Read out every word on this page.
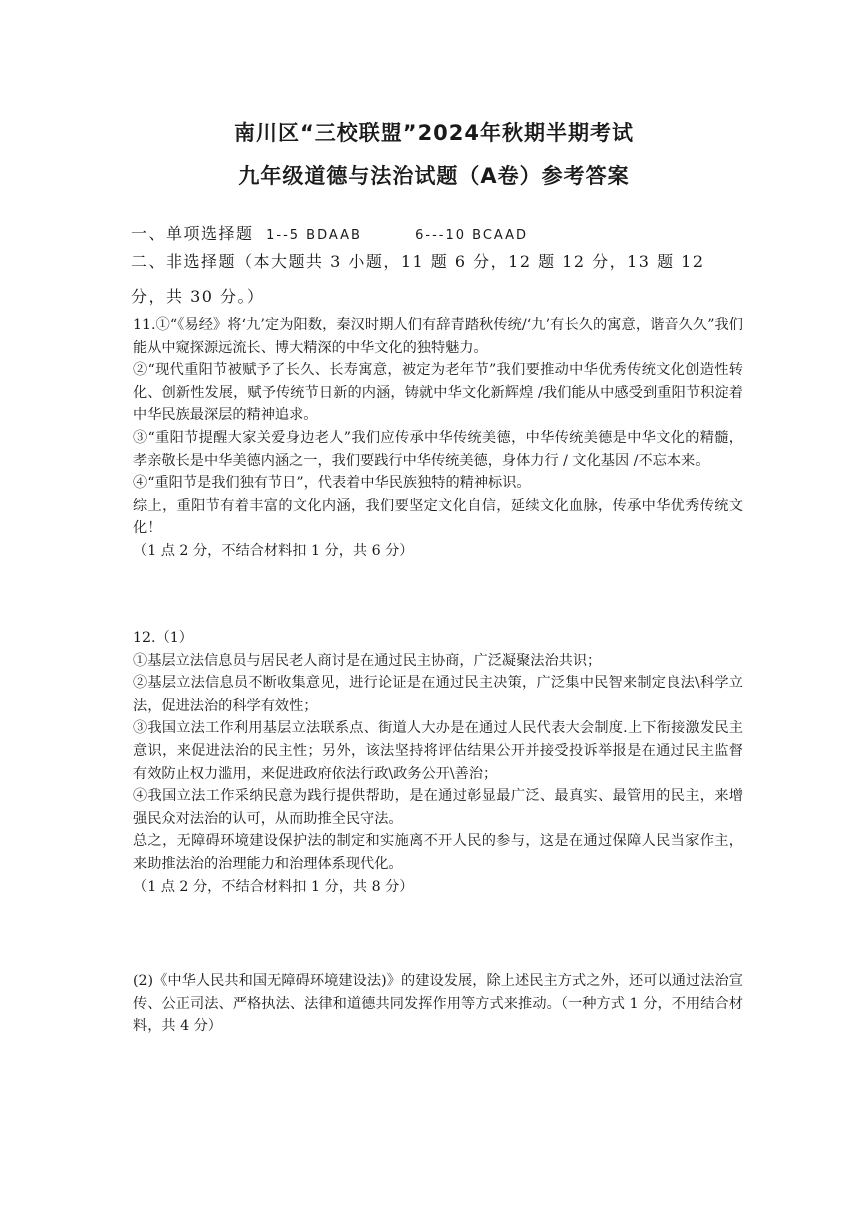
南川区“三校联盟”2024年秋期半期考试
九年级道德与法治试题（A卷）参考答案
一、单项选择题 1--5 BDAAB	6---10 BCAAD
二、非选择题（本大题共 3 小题，11 题 6 分，12 题 12 分，13 题 12
分，共 30 分。）

11.①“《易经》将‘九’定为阳数，秦汉时期人们有辞青踏秋传统/‘九’有长久的寓意，谐音久久”我们能从中窥探源远流长、博大精深的中华文化的独特魅力。

②“现代重阳节被赋予了长久、长寿寓意，被定为老年节”我们要推动中华优秀传统文化创造性转化、创新性发展，赋予传统节日新的内涵，铸就中华文化新辉煌 /我们能从中感受到重阳节积淀着中华民族最深层的精神追求。

③“重阳节提醒大家关爱身边老人”我们应传承中华传统美德，中华传统美德是中华文化的精髓，孝亲敬长是中华美德内涵之一，我们要践行中华传统美德，身体力行 / 文化基因 /不忘本来。

④“重阳节是我们独有节日”，代表着中华民族独特的精神标识。

综上，重阳节有着丰富的文化内涵，我们要坚定文化自信，延续文化血脉，传承中华优秀传统文化！

（1 点 2 分，不结合材料扣 1 分，共 6 分）

12.（1）

①基层立法信息员与居民老人商讨是在通过民主协商，广泛凝聚法治共识；

②基层立法信息员不断收集意见，进行论证是在通过民主决策，广泛集中民智来制定良法\科学立法，促进法治的科学有效性；

③我国立法工作利用基层立法联系点、街道人大办是在通过人民代表大会制度.上下衔接激发民主意识，来促进法治的民主性；另外，该法坚持将评估结果公开并接受投诉举报是在通过民主监督有效防止权力滥用，来促进政府依法行政\政务公开\善治；

④我国立法工作采纳民意为践行提供帮助，是在通过彰显最广泛、最真实、最管用的民主，来增强民众对法治的认可，从而助推全民守法。

总之，无障碍环境建设保护法的制定和实施离不开人民的参与，这是在通过保障人民当家作主，来助推法治的治理能力和治理体系现代化。

（1 点 2 分，不结合材料扣 1 分，共 8 分）

(2)《中华人民共和国无障碍环境建设法)》的建设发展，除上述民主方式之外，还可以通过法治宣传、公正司法、严格执法、法律和道德共同发挥作用等方式来推动。（一种方式 1 分，不用结合材料，共 4 分）
